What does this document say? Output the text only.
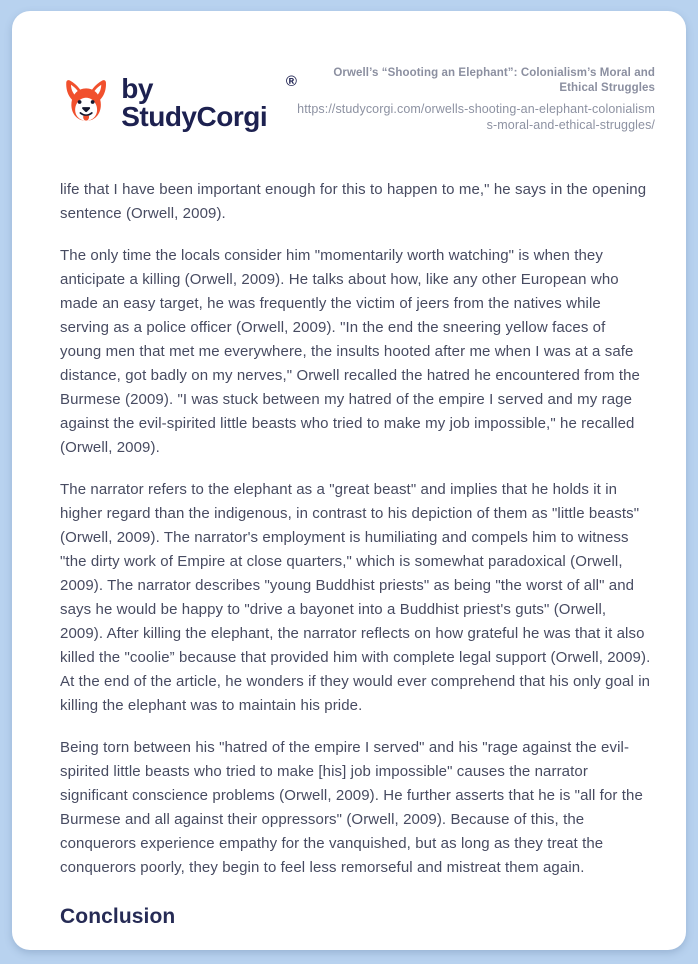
by StudyCorgi
®	Orwell’s “Shooting an Elephant”: Colonialism’s Moral and Ethical Struggles
https://studycorgi.com/orwells-shooting-an-elephant-colonialisms-moral-and-ethical-struggles/

life that I have been important enough for this to happen to me," he says in the opening sentence (Orwell, 2009).

The only time the locals consider him "momentarily worth watching" is when they anticipate a killing (Orwell, 2009). He talks about how, like any other European who made an easy target, he was frequently the victim of jeers from the natives while serving as a police officer (Orwell, 2009). "In the end the sneering yellow faces of young men that met me everywhere, the insults hooted after me when I was at a safe distance, got badly on my nerves," Orwell recalled the hatred he encountered from the Burmese (2009). "I was stuck between my hatred of the empire I served and my rage against the evil-spirited little beasts who tried to make my job impossible," he recalled (Orwell, 2009).

The narrator refers to the elephant as a "great beast" and implies that he holds it in higher regard than the indigenous, in contrast to his depiction of them as "little beasts" (Orwell, 2009). The narrator's employment is humiliating and compels him to witness "the dirty work of Empire at close quarters," which is somewhat paradoxical (Orwell, 2009). The narrator describes "young Buddhist priests" as being "the worst of all" and says he would be happy to "drive a bayonet into a Buddhist priest's guts" (Orwell, 2009). After killing the elephant, the narrator reflects on how grateful he was that it also killed the "coolie” because that provided him with complete legal support (Orwell, 2009). At the end of the article, he wonders if they would ever comprehend that his only goal in killing the elephant was to maintain his pride.

Being torn between his "hatred of the empire I served" and his "rage against the evil-spirited little beasts who tried to make [his] job impossible" causes the narrator significant conscience problems (Orwell, 2009). He further asserts that he is "all for the Burmese and all against their oppressors" (Orwell, 2009). Because of this, the conquerors experience empathy for the vanquished, but as long as they treat the conquerors poorly, they begin to feel less remorseful and mistreat them again.

Conclusion
